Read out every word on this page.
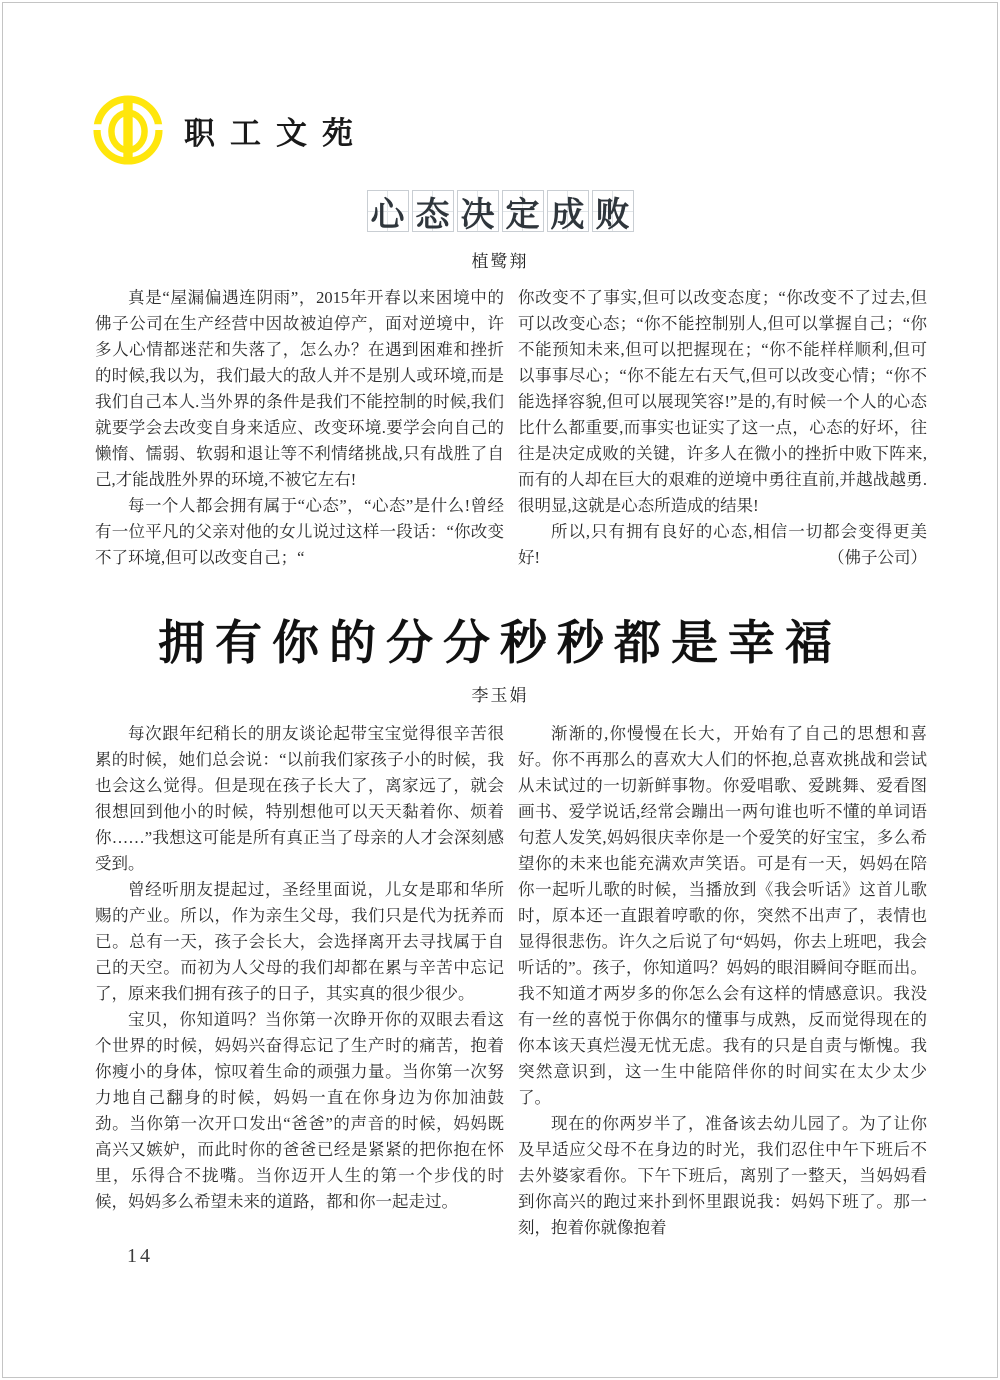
职工文苑
心 态 决 定 成 败
植鹭翔

真是“屋漏偏遇连阴雨”，2015年开春以来困境中的佛子公司在生产经营中因故被迫停产，面对逆境中，许多人心情都迷茫和失落了，怎么办？在遇到困难和挫折的时候,我以为，我们最大的敌人并不是别人或环境,而是我们自己本人.当外界的条件是我们不能控制的时候,我们就要学会去改变自身来适应、改变环境.要学会向自己的懒惰、懦弱、软弱和退让等不利情绪挑战,只有战胜了自己,才能战胜外界的环境,不被它左右!

每一个人都会拥有属于“心态”，“心态”是什么!曾经有一位平凡的父亲对他的女儿说过这样一段话：“你改变不了环境,但可以改变自己；“

你改变不了事实,但可以改变态度；“你改变不了过去,但可以改变心态；“你不能控制别人,但可以掌握自己；“你不能预知未来,但可以把握现在；“你不能样样顺利,但可以事事尽心；“你不能左右天气,但可以改变心情；“你不能选择容貌,但可以展现笑容!”是的,有时候一个人的心态比什么都重要,而事实也证实了这一点，心态的好坏，往往是决定成败的关键，许多人在微小的挫折中败下阵来,而有的人却在巨大的艰难的逆境中勇往直前,并越战越勇.很明显,这就是心态所造成的结果!

所以,只有拥有良好的心态,相信一切都会变得更美好!	（佛子公司）

拥有你的分分秒秒都是幸福
李玉娟

每次跟年纪稍长的朋友谈论起带宝宝觉得很辛苦很累的时候，她们总会说：“以前我们家孩子小的时候，我也会这么觉得。但是现在孩子长大了，离家远了，就会很想回到他小的时候，特别想他可以天天黏着你、烦着你……”我想这可能是所有真正当了母亲的人才会深刻感受到。

曾经听朋友提起过，圣经里面说，儿女是耶和华所赐的产业。所以，作为亲生父母，我们只是代为抚养而已。总有一天，孩子会长大，会选择离开去寻找属于自己的天空。而初为人父母的我们却都在累与辛苦中忘记了，原来我们拥有孩子的日子，其实真的很少很少。

宝贝，你知道吗？当你第一次睁开你的双眼去看这个世界的时候，妈妈兴奋得忘记了生产时的痛苦，抱着你瘦小的身体，惊叹着生命的顽强力量。当你第一次努力地自己翻身的时候，妈妈一直在你身边为你加油鼓劲。当你第一次开口发出“爸爸”的声音的时候，妈妈既高兴又嫉妒，而此时你的爸爸已经是紧紧的把你抱在怀里，乐得合不拢嘴。当你迈开人生的第一个步伐的时候，妈妈多么希望未来的道路，都和你一起走过。

渐渐的,你慢慢在长大，开始有了自己的思想和喜好。你不再那么的喜欢大人们的怀抱,总喜欢挑战和尝试从未试过的一切新鲜事物。你爱唱歌、爱跳舞、爱看图画书、爱学说话,经常会蹦出一两句谁也听不懂的单词语句惹人发笑,妈妈很庆幸你是一个爱笑的好宝宝，多么希望你的未来也能充满欢声笑语。可是有一天，妈妈在陪你一起听儿歌的时候，当播放到《我会听话》这首儿歌时，原本还一直跟着哼歌的你，突然不出声了，表情也显得很悲伤。许久之后说了句“妈妈，你去上班吧，我会听话的”。孩子，你知道吗？妈妈的眼泪瞬间夺眶而出。我不知道才两岁多的你怎么会有这样的情感意识。我没有一丝的喜悦于你偶尔的懂事与成熟，反而觉得现在的你本该天真烂漫无忧无虑。我有的只是自责与惭愧。我突然意识到，这一生中能陪伴你的时间实在太少太少了。

现在的你两岁半了，准备该去幼儿园了。为了让你及早适应父母不在身边的时光，我们忍住中午下班后不去外婆家看你。下午下班后，离别了一整天，当妈妈看到你高兴的跑过来扑到怀里跟说我：妈妈下班了。那一刻，抱着你就像抱着

14
